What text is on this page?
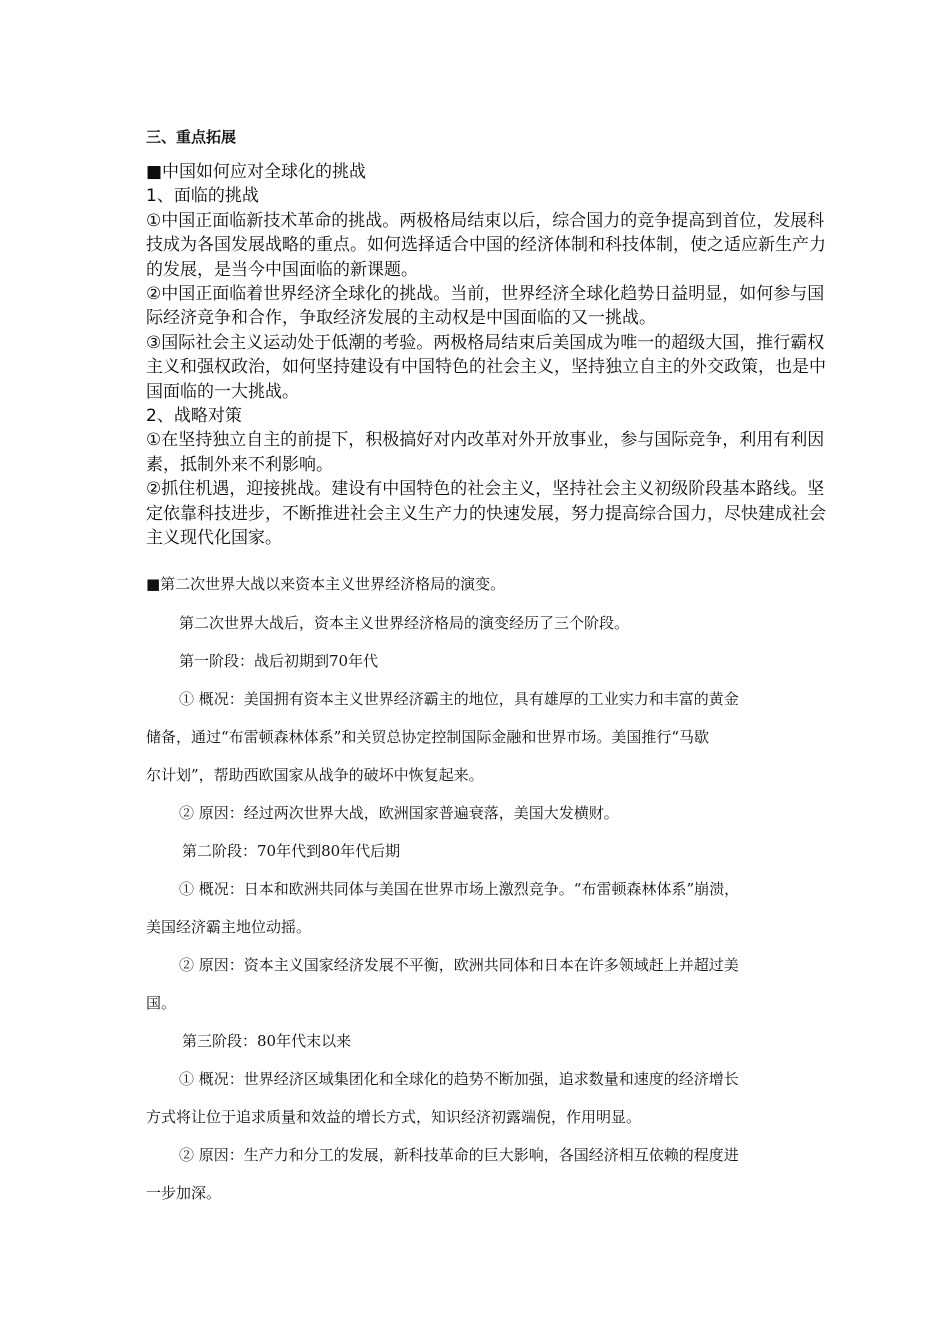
三、重点拓展
■中国如何应对全球化的挑战
1、面临的挑战
①中国正面临新技术革命的挑战。两极格局结束以后，综合国力的竞争提高到首位，发展科
技成为各国发展战略的重点。如何选择适合中国的经济体制和科技体制，使之适应新生产力
的发展，是当今中国面临的新课题。
②中国正面临着世界经济全球化的挑战。当前，世界经济全球化趋势日益明显，如何参与国
际经济竞争和合作，争取经济发展的主动权是中国面临的又一挑战。
③国际社会主义运动处于低潮的考验。两极格局结束后美国成为唯一的超级大国，推行霸权
主义和强权政治，如何坚持建设有中国特色的社会主义，坚持独立自主的外交政策，也是中
国面临的一大挑战。
2、战略对策
①在坚持独立自主的前提下，积极搞好对内改革对外开放事业，参与国际竞争，利用有利因
素，抵制外来不利影响。
②抓住机遇，迎接挑战。建设有中国特色的社会主义，坚持社会主义初级阶段基本路线。坚
定依靠科技进步，不断推进社会主义生产力的快速发展，努力提高综合国力，尽快建成社会
主义现代化国家。
■第二次世界大战以来资本主义世界经济格局的演变。
第二次世界大战后，资本主义世界经济格局的演变经历了三个阶段。
第一阶段：战后初期到70年代
① 概况：美国拥有资本主义世界经济霸主的地位，具有雄厚的工业实力和丰富的黄金
储备，通过“布雷顿森林体系”和关贸总协定控制国际金融和世界市场。美国推行“马歇
尔计划”，帮助西欧国家从战争的破坏中恢复起来。
② 原因：经过两次世界大战，欧洲国家普遍衰落，美国大发横财。
第二阶段：70年代到80年代后期
① 概况：日本和欧洲共同体与美国在世界市场上激烈竞争。“布雷顿森林体系”崩溃，
美国经济霸主地位动摇。
② 原因：资本主义国家经济发展不平衡，欧洲共同体和日本在许多领域赶上并超过美
国。
第三阶段：80年代末以来
① 概况：世界经济区域集团化和全球化的趋势不断加强，追求数量和速度的经济增长
方式将让位于追求质量和效益的增长方式，知识经济初露端倪，作用明显。
② 原因：生产力和分工的发展，新科技革命的巨大影响，各国经济相互依赖的程度进
一步加深。
